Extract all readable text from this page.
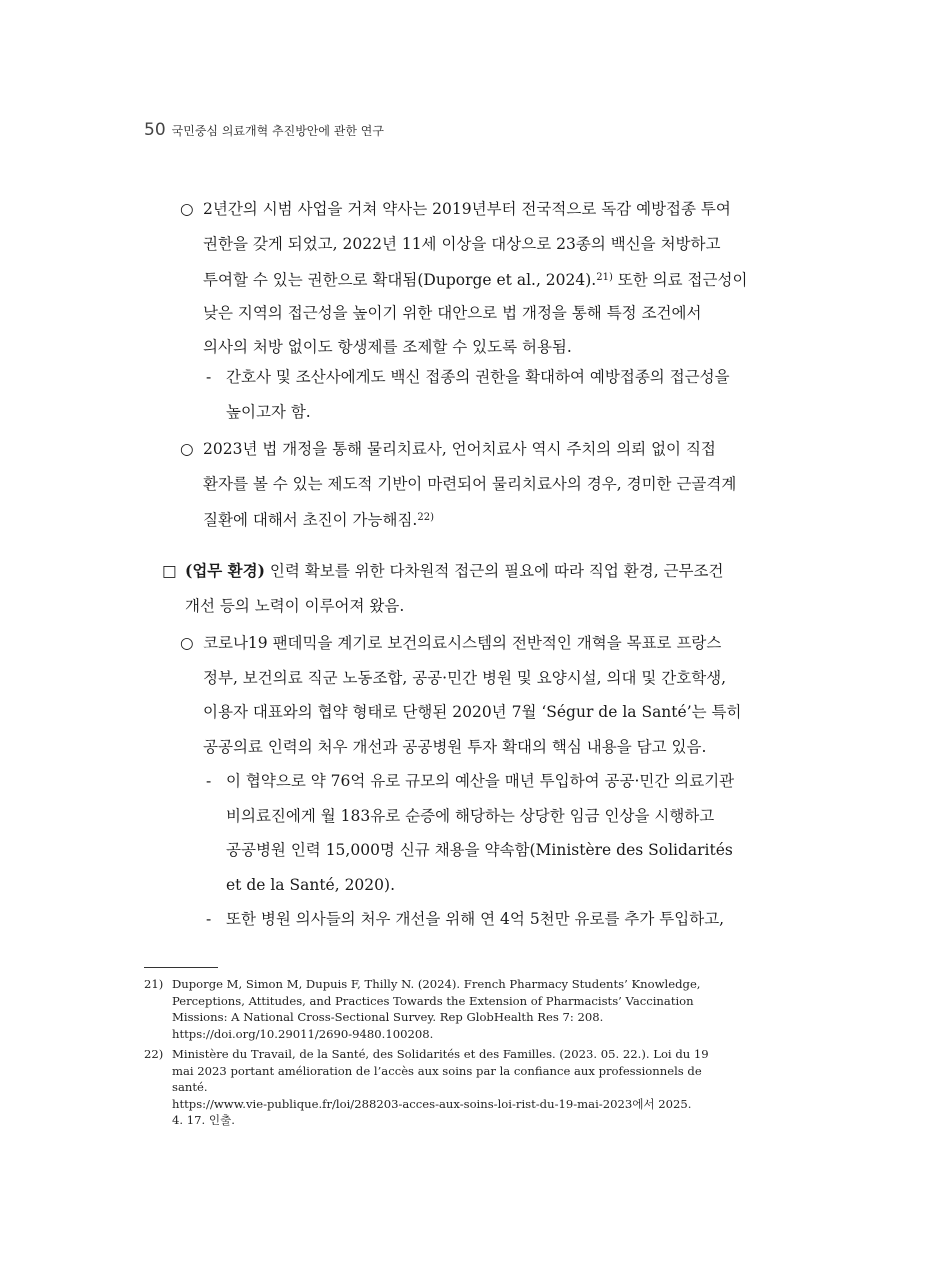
50 국민중심 의료개혁 추진방안에 관한 연구
○ 2년간의 시범 사업을 거쳐 약사는 2019년부터 전국적으로 독감 예방접종 투여
권한을 갖게 되었고, 2022년 11세 이상을 대상으로 23종의 백신을 처방하고
투여할 수 있는 권한으로 확대됨(Duporge et al., 2024).$^{21)}$ 또한 의료 접근성이
낮은 지역의 접근성을 높이기 위한 대안으로 법 개정을 통해 특정 조건에서
의사의 처방 없이도 항생제를 조제할 수 있도록 허용됨.
- 간호사 및 조산사에게도 백신 접종의 권한을 확대하여 예방접종의 접근성을
높이고자 함.
○ 2023년 법 개정을 통해 물리치료사, 언어치료사 역시 주치의 의뢰 없이 직접
환자를 볼 수 있는 제도적 기반이 마련되어 물리치료사의 경우, 경미한 근골격계
질환에 대해서 초진이 가능해짐.$^{22)}$
□ (업무 환경) 인력 확보를 위한 다차원적 접근의 필요에 따라 직업 환경, 근무조건
개선 등의 노력이 이루어져 왔음.
○ 코로나19 팬데믹을 계기로 보건의료시스템의 전반적인 개혁을 목표로 프랑스
정부, 보건의료 직군 노동조합, 공공·민간 병원 및 요양시설, 의대 및 간호학생,
이용자 대표와의 협약 형태로 단행된 2020년 7월 ‘Ségur de la Santé’는 특히
공공의료 인력의 처우 개선과 공공병원 투자 확대의 핵심 내용을 담고 있음.
- 이 협약으로 약 76억 유로 규모의 예산을 매년 투입하여 공공·민간 의료기관
비의료진에게 월 183유로 순증에 해당하는 상당한 임금 인상을 시행하고
공공병원 인력 15,000명 신규 채용을 약속함(Ministère des Solidarités
et de la Santé, 2020).
- 또한 병원 의사들의 처우 개선을 위해 연 4억 5천만 유로를 추가 투입하고,
21) Duporge M, Simon M, Dupuis F, Thilly N. (2024). French Pharmacy Students’ Knowledge,
Perceptions, Attitudes, and Practices Towards the Extension of Pharmacists’ Vaccination
Missions: A National Cross-Sectional Survey. Rep GlobHealth Res 7: 208.
https://doi.org/10.29011/2690-9480.100208.
22) Ministère du Travail, de la Santé, des Solidarités et des Familles. (2023. 05. 22.). Loi du 19
mai 2023 portant amélioration de l’accès aux soins par la confiance aux professionnels de
santé.
https://www.vie-publique.fr/loi/288203-acces-aux-soins-loi-rist-du-19-mai-2023에서 2025.
4. 17. 인출.
